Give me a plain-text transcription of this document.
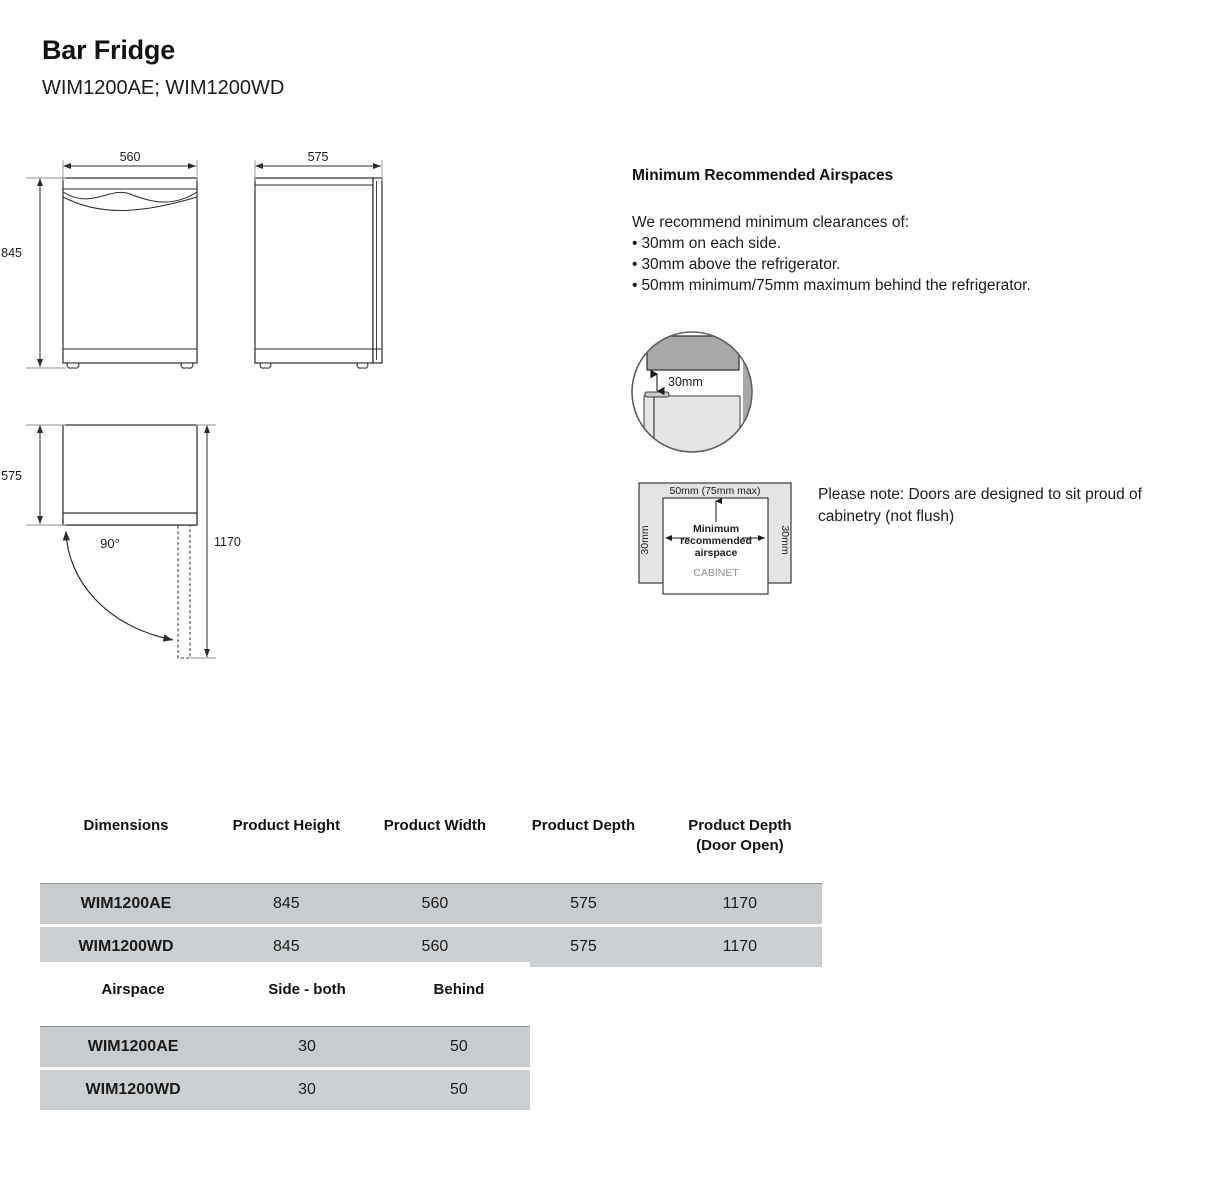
Bar Fridge
WIM1200AE; WIM1200WD
560
845
575
575
1170
90°

Minimum Recommended Airspaces

We recommend minimum clearances of:

• 30mm on each side.

• 30mm above the refrigerator.

• 50mm minimum/75mm maximum behind the refrigerator.

30mm
50mm (75mm max)
30mm	30mm
Minimum
recommended
airspace
CABINET
Please note: Doors are designed to sit proud of cabinetry (not flush)

Dimensions	Product Height	Product Width	Product Depth	Product Depth
(Door Open)
WIM1200AE	845	560	575	1170
WIM1200WD	845	560	575	1170

Airspace	Side - both	Behind
WIM1200AE	30	50
WIM1200WD	30	50
